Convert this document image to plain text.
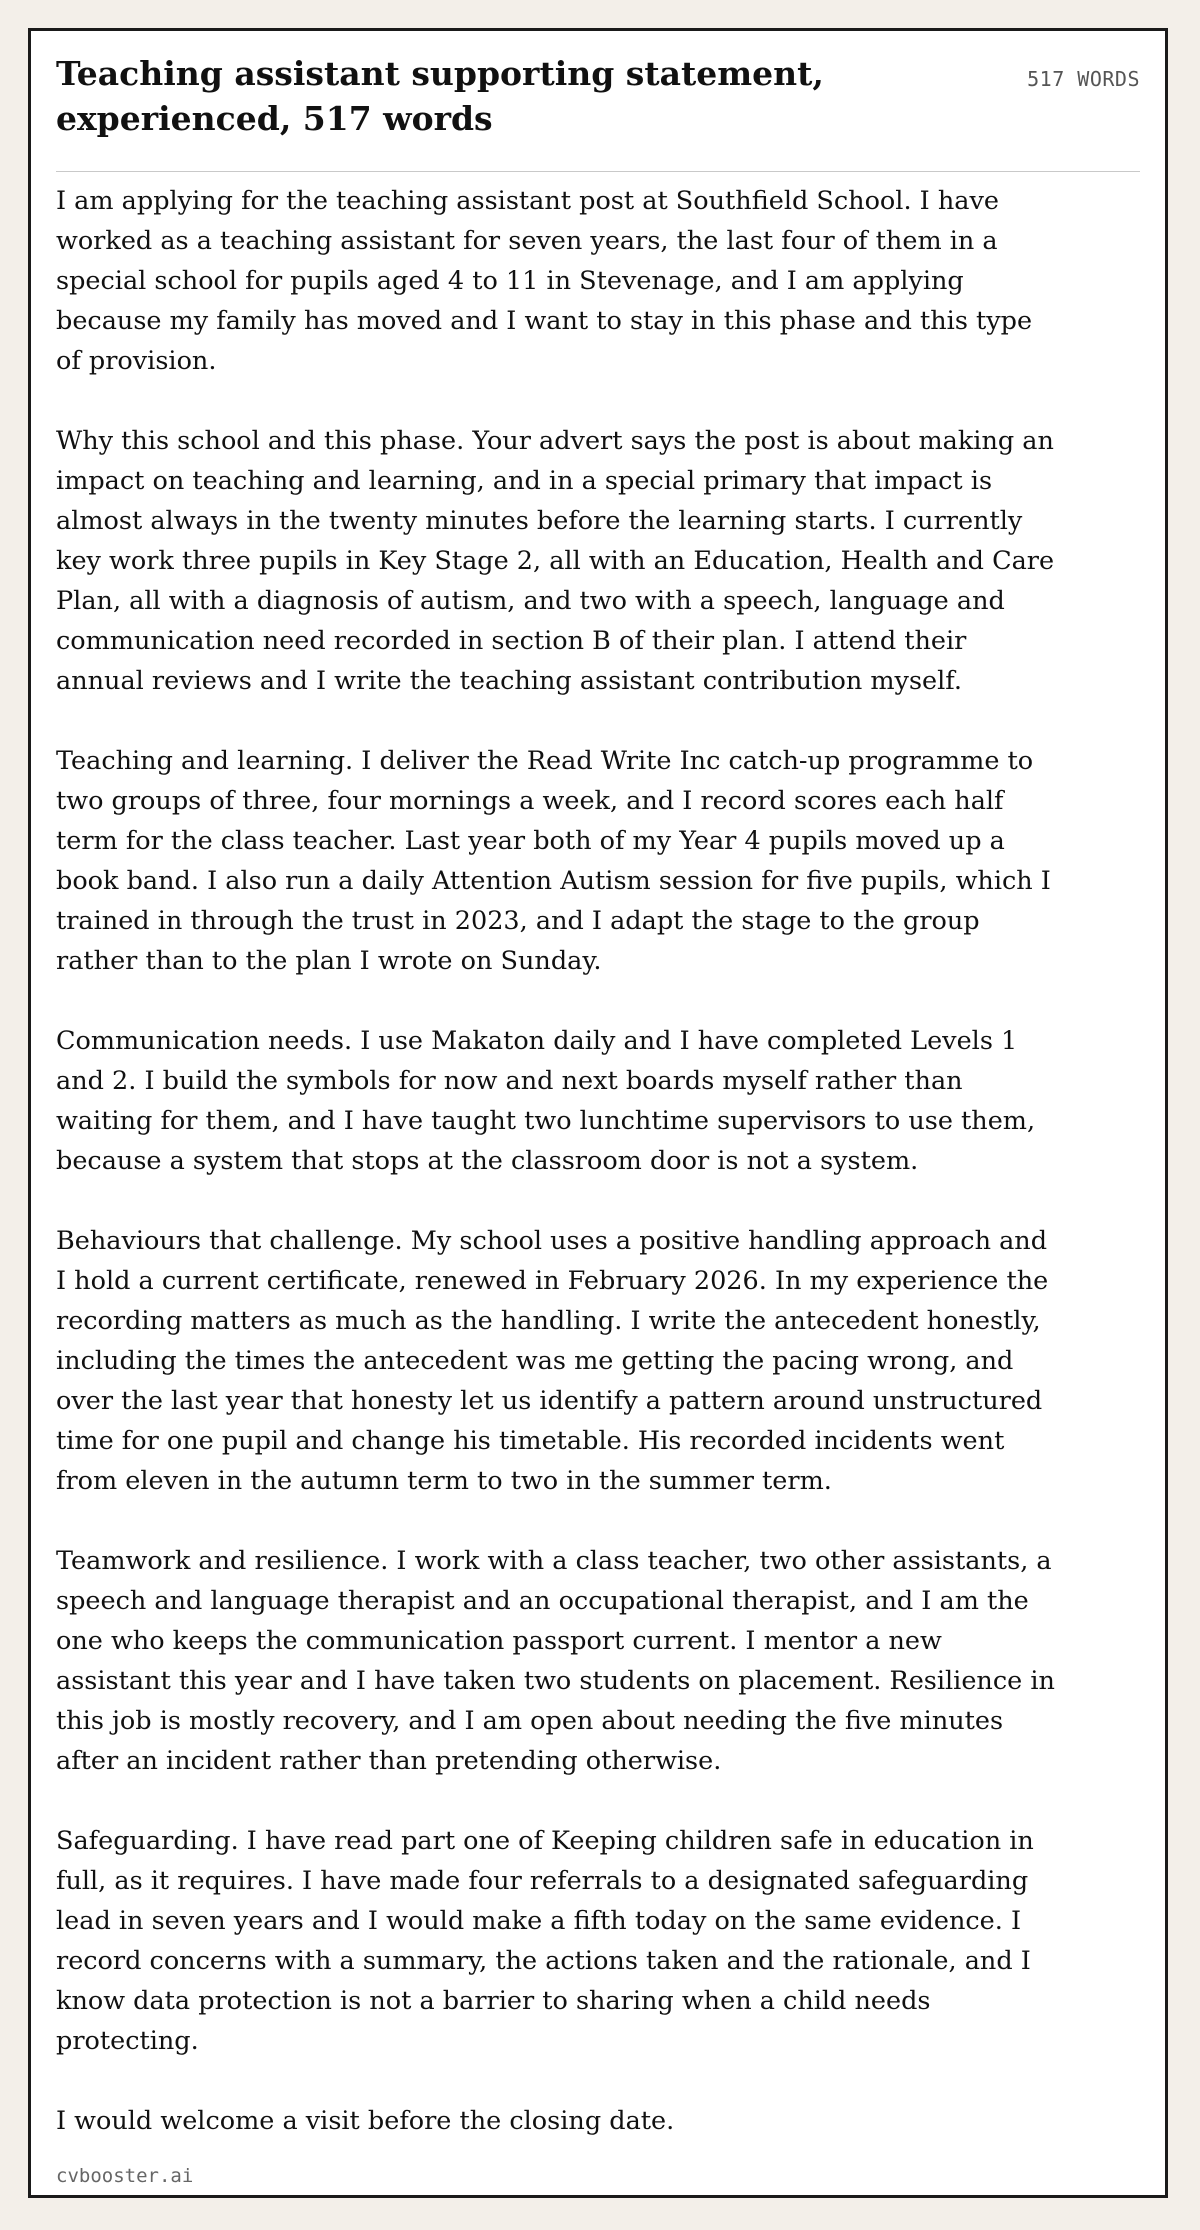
Teaching assistant supporting statement, experienced, 517 words
517 WORDS

I am applying for the teaching assistant post at Southfield School. I have worked as a teaching assistant for seven years, the last four of them in a special school for pupils aged 4 to 11 in Stevenage, and I am applying because my family has moved and I want to stay in this phase and this type of provision.

Why this school and this phase. Your advert says the post is about making an impact on teaching and learning, and in a special primary that impact is almost always in the twenty minutes before the learning starts. I currently key work three pupils in Key Stage 2, all with an Education, Health and Care Plan, all with a diagnosis of autism, and two with a speech, language and communication need recorded in section B of their plan. I attend their annual reviews and I write the teaching assistant contribution myself.

Teaching and learning. I deliver the Read Write Inc catch-up programme to two groups of three, four mornings a week, and I record scores each half term for the class teacher. Last year both of my Year 4 pupils moved up a book band. I also run a daily Attention Autism session for five pupils, which I trained in through the trust in 2023, and I adapt the stage to the group rather than to the plan I wrote on Sunday.

Communication needs. I use Makaton daily and I have completed Levels 1 and 2. I build the symbols for now and next boards myself rather than waiting for them, and I have taught two lunchtime supervisors to use them, because a system that stops at the classroom door is not a system.

Behaviours that challenge. My school uses a positive handling approach and I hold a current certificate, renewed in February 2026. In my experience the recording matters as much as the handling. I write the antecedent honestly, including the times the antecedent was me getting the pacing wrong, and over the last year that honesty let us identify a pattern around unstructured time for one pupil and change his timetable. His recorded incidents went from eleven in the autumn term to two in the summer term.

Teamwork and resilience. I work with a class teacher, two other assistants, a speech and language therapist and an occupational therapist, and I am the one who keeps the communication passport current. I mentor a new assistant this year and I have taken two students on placement. Resilience in this job is mostly recovery, and I am open about needing the five minutes after an incident rather than pretending otherwise.

Safeguarding. I have read part one of Keeping children safe in education in full, as it requires. I have made four referrals to a designated safeguarding lead in seven years and I would make a fifth today on the same evidence. I record concerns with a summary, the actions taken and the rationale, and I know data protection is not a barrier to sharing when a child needs protecting.

I would welcome a visit before the closing date.

cvbooster.ai
